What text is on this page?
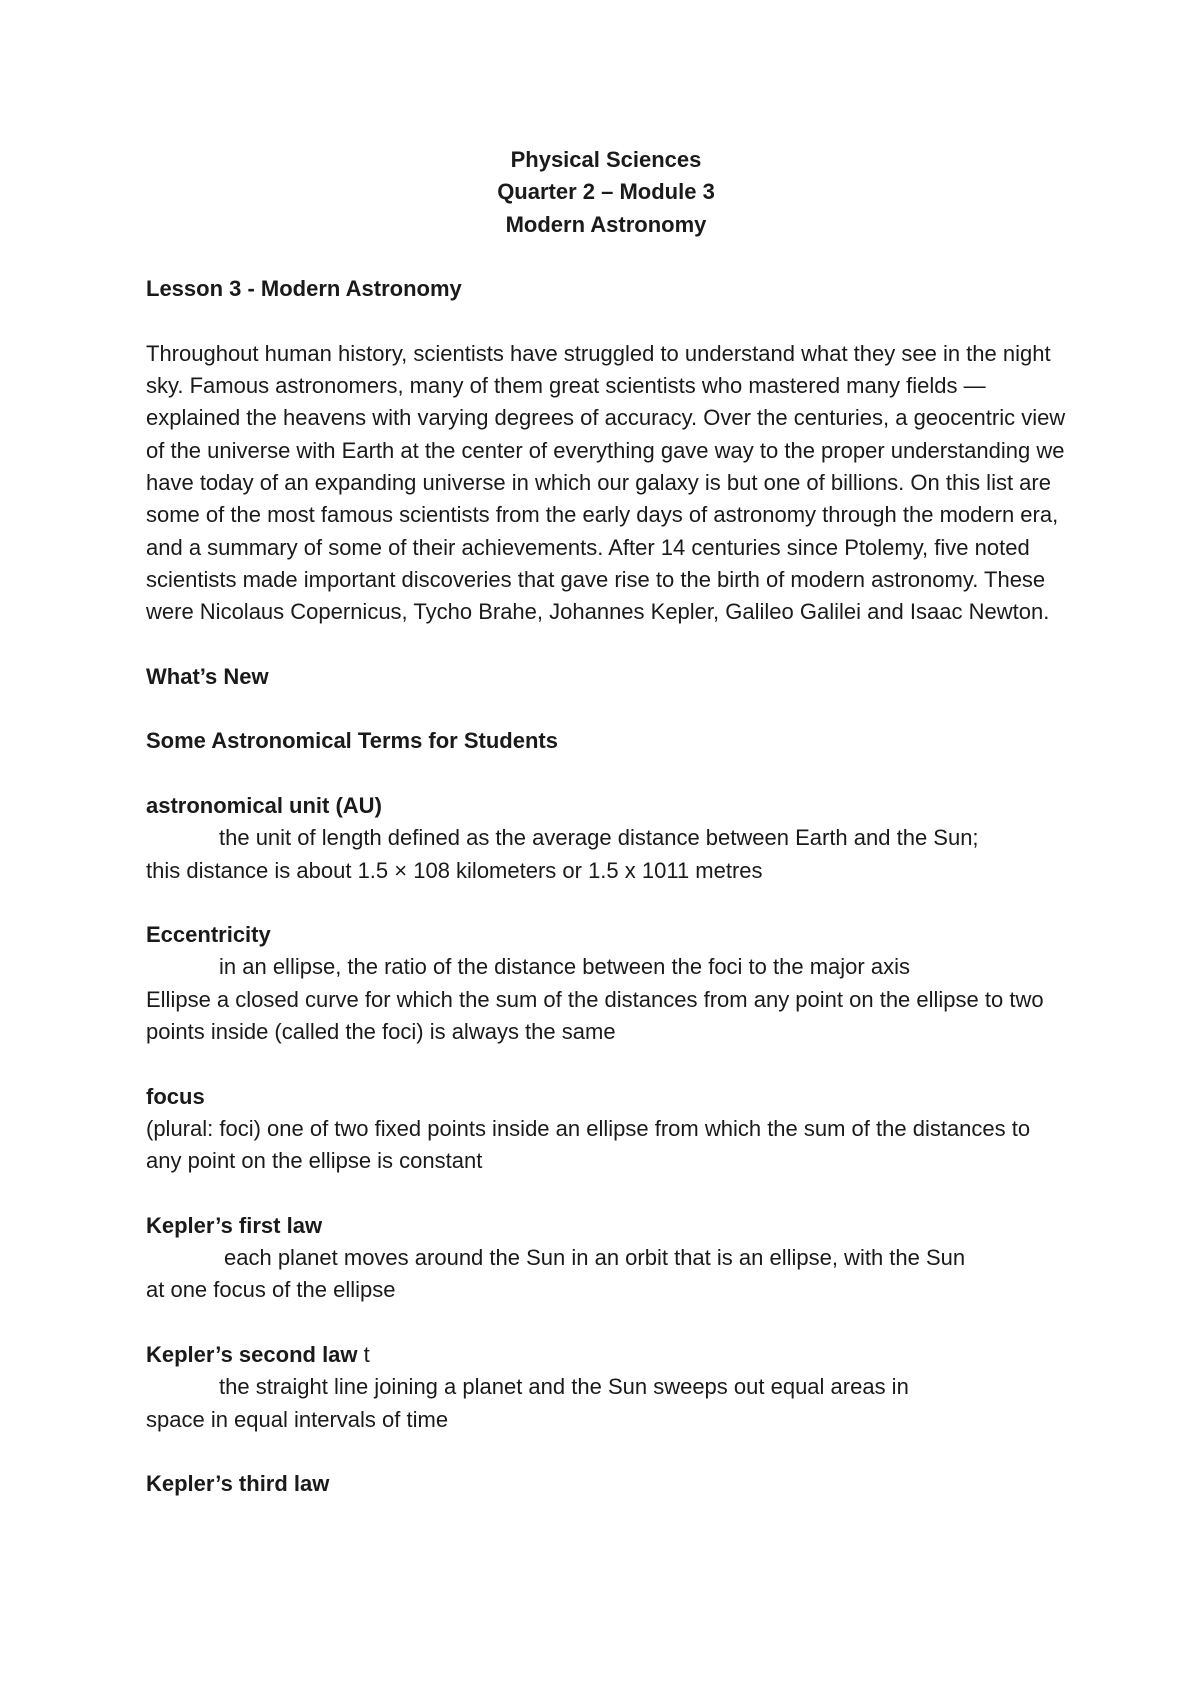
Physical Sciences

Quarter 2 – Module 3

Modern Astronomy

Lesson 3 - Modern Astronomy

Throughout human history, scientists have struggled to understand what they see in the night sky. Famous astronomers, many of them great scientists who mastered many fields — explained the heavens with varying degrees of accuracy. Over the centuries, a geocentric view of the universe with Earth at the center of everything gave way to the proper understanding we have today of an expanding universe in which our galaxy is but one of billions. On this list are some of the most famous scientists from the early days of astronomy through the modern era, and a summary of some of their achievements. After 14 centuries since Ptolemy, five noted scientists made important discoveries that gave rise to the birth of modern astronomy. These were Nicolaus Copernicus, Tycho Brahe, Johannes Kepler, Galileo Galilei and Isaac Newton.

What’s New

Some Astronomical Terms for Students

astronomical unit (AU)

the unit of length defined as the average distance between Earth and the Sun;

this distance is about 1.5 × 108 kilometers or 1.5 x 1011 metres

Eccentricity

in an ellipse, the ratio of the distance between the foci to the major axis

Ellipse a closed curve for which the sum of the distances from any point on the ellipse to two points inside (called the foci) is always the same

focus

(plural: foci) one of two fixed points inside an ellipse from which the sum of the distances to any point on the ellipse is constant

Kepler’s first law

each planet moves around the Sun in an orbit that is an ellipse, with the Sun

at one focus of the ellipse

Kepler’s second law t

the straight line joining a planet and the Sun sweeps out equal areas in

space in equal intervals of time

Kepler’s third law
